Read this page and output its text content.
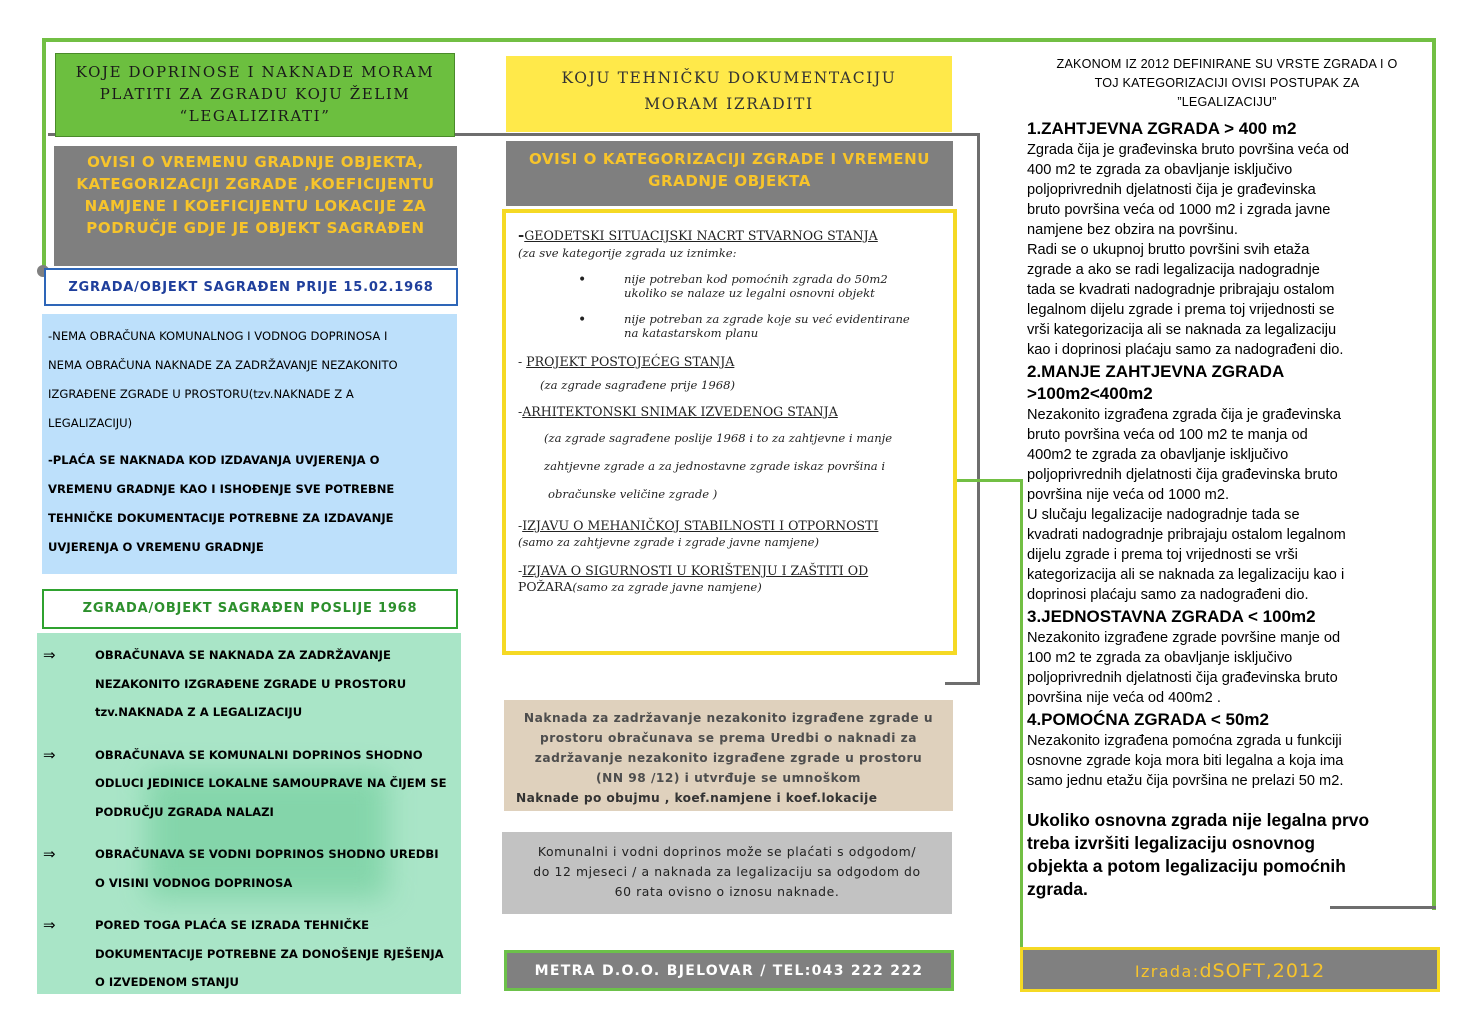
KOJE DOPRINOSE I NAKNADE MORAM
PLATITI ZA ZGRADU KOJU ŽELIM
“LEGALIZIRATI”
OVISI O VREMENU GRADNJE OBJEKTA,
KATEGORIZACIJI ZGRADE ,KOEFICIJENTU
NAMJENE I KOEFICIJENTU LOKACIJE ZA
PODRUČJE GDJE JE OBJEKT SAGRAĐEN
ZGRADA/OBJEKT SAGRAĐEN PRIJE 15.02.1968

-NEMA OBRAČUNA KOMUNALNOG I VODNOG DOPRINOSA I
NEMA OBRAČUNA NAKNADE ZA ZADRŽAVANJE NEZAKONITO
IZGRAĐENE ZGRADE U PROSTORU(tzv.NAKNADE Z A
LEGALIZACIJU)

-PLAĆA SE NAKNADA KOD IZDAVANJA UVJERENJA O
VREMENU GRADNJE KAO I ISHOĐENJE SVE POTREBNE
TEHNIČKE DOKUMENTACIJE POTREBNE ZA IZDAVANJE
UVJERENJA O VREMENU GRADNJE

ZGRADA/OBJEKT SAGRAĐEN POSLIJE 1968
⇒	OBRAČUNAVA SE NAKNADA ZA ZADRŽAVANJE
NEZAKONITO IZGRAĐENE ZGRADE U PROSTORU
tzv.NAKNADA Z A LEGALIZACIJU
⇒	OBRAČUNAVA SE KOMUNALNI DOPRINOS SHODNO
ODLUCI JEDINICE LOKALNE SAMOUPRAVE NA ČIJEM SE
PODRUČJU ZGRADA NALAZI
⇒	OBRAČUNAVA SE VODNI DOPRINOS SHODNO UREDBI
O VISINI VODNOG DOPRINOSA
⇒	PORED TOGA PLAĆA SE IZRADA TEHNIČKE
DOKUMENTACIJE POTREBNE ZA DONOŠENJE RJEŠENJA
O IZVEDENOM STANJU
KOJU TEHNIČKU DOKUMENTACIJU
MORAM IZRADITI
OVISI O KATEGORIZACIJI ZGRADE I VREMENU
GRADNJE OBJEKTA
-GEODETSKI SITUACIJSKI NACRT STVARNOG STANJA
(za sve kategorije zgrada uz iznimke:
•	nije potreban kod pomoćnih zgrada do 50m2
ukoliko se nalaze uz legalni osnovni objekt
•	nije potreban za zgrade koje su već evidentirane
na katastarskom planu
- PROJEKT POSTOJEĆEG STANJA
(za zgrade sagrađene prije 1968)
-ARHITEKTONSKI SNIMAK IZVEDENOG STANJA
(za zgrade sagrađene poslije 1968 i to za zahtjevne i manje
zahtjevne zgrade a za jednostavne zgrade iskaz površina i
obračunske veličine zgrade )
-IZJAVU O MEHANIČKOJ STABILNOSTI I OTPORNOSTI
(samo za zahtjevne zgrade i zgrade javne namjene)
-IZJAVA O SIGURNOSTI U KORIŠTENJU I ZAŠTITI OD
POŽARA(samo za zgrade javne namjene)
Naknada za zadržavanje nezakonito izgrađene zgrade u
prostoru obračunava se prema Uredbi o naknadi za
zadržavanje nezakonito izgrađene zgrade u prostoru
(NN 98 /12) i utvrđuje se umnoškom
Naknade po obujmu , koef.namjene i koef.lokacije
Komunalni i vodni doprinos može se plaćati s odgodom/
do 12 mjeseci / a naknada za legalizaciju sa odgodom do
60 rata ovisno o iznosu naknade.
METRA D.O.O. BJELOVAR / TEL:043 222 222
ZAKONOM IZ 2012 DEFINIRANE SU VRSTE ZGRADA I O
TOJ KATEGORIZACIJI OVISI POSTUPAK ZA
”LEGALIZACIJU”
1.ZAHTJEVNA ZGRADA > 400 m2
Zgrada čija je građevinska bruto površina veća od
400 m2 te zgrada za obavljanje isključivo
poljoprivrednih djelatnosti čija je građevinska
bruto površina veća od 1000 m2 i zgrada javne
namjene bez obzira na površinu.
Radi se o ukupnoj brutto površini svih etaža
zgrade a ako se radi legalizacija nadogradnje
tada se kvadrati nadogradnje pribrajaju ostalom
legalnom dijelu zgrade i prema toj vrijednosti se
vrši kategorizacija ali se naknada za legalizaciju
kao i doprinosi plaćaju samo za nadograđeni dio.
2.MANJE ZAHTJEVNA ZGRADA
>100m2<400m2
Nezakonito izgrađena zgrada čija je građevinska
bruto površina veća od 100 m2 te manja od
400m2 te zgrada za obavljanje isključivo
poljoprivrednih djelatnosti čija građevinska bruto
površina nije veća od 1000 m2.
U slučaju legalizacije nadogradnje tada se
kvadrati nadogradnje pribrajaju ostalom legalnom
dijelu zgrade i prema toj vrijednosti se vrši
kategorizacija ali se naknada za legalizaciju kao i
doprinosi plaćaju samo za nadograđeni dio.
3.JEDNOSTAVNA ZGRADA < 100m2
Nezakonito izgrađene zgrade površine manje od
100 m2 te zgrada za obavljanje isključivo
poljoprivrednih djelatnosti čija građevinska bruto
površina nije veća od 400m2 .
4.POMOĆNA ZGRADA < 50m2
Nezakonito izgrađena pomoćna zgrada u funkciji
osnovne zgrade koja mora biti legalna a koja ima
samo jednu etažu čija površina ne prelazi 50 m2.
Ukoliko osnovna zgrada nije legalna prvo
treba izvršiti legalizaciju osnovnog
objekta a potom legalizaciju pomoćnih
zgrada.
Izrada:dSOFT,2012
